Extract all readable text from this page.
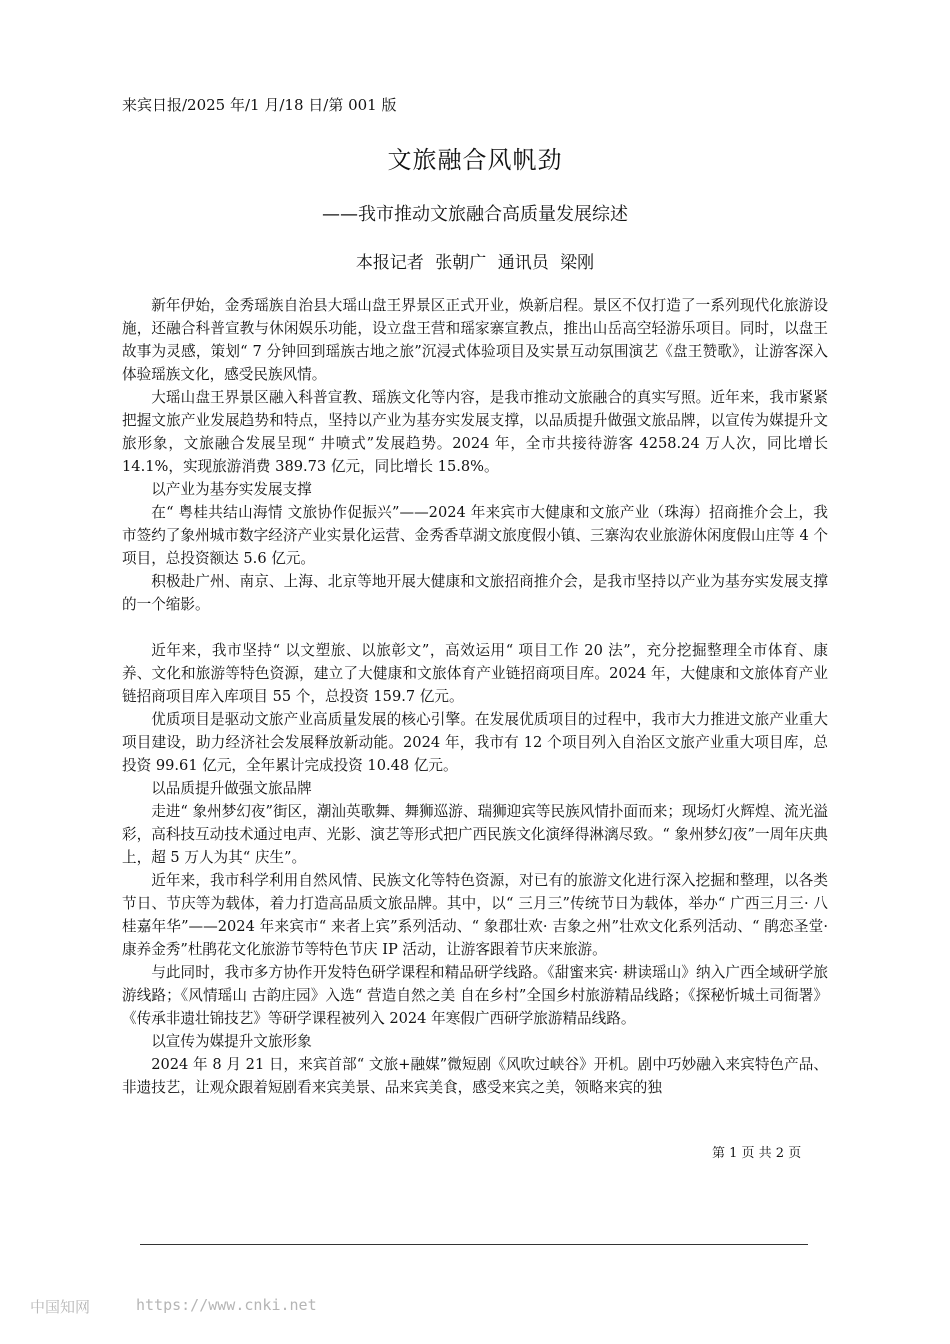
来宾日报/2025 年/1 月/18 日/第 001 版
文旅融合风帆劲
——我市推动文旅融合高质量发展综述
本报记者 张朝广 通讯员 梁刚

新年伊始，金秀瑶族自治县大瑶山盘王界景区正式开业，焕新启程。景区不仅打造了一系列现代化旅游设施，还融合科普宣教与休闲娱乐功能，设立盘王营和瑶家寨宣教点，推出山岳高空轻游乐项目。同时，以盘王故事为灵感，策划“ 7 分钟回到瑶族古地之旅”沉浸式体验项目及实景互动氛围演艺《盘王赞歌》，让游客深入体验瑶族文化，感受民族风情。

大瑶山盘王界景区融入科普宣教、瑶族文化等内容，是我市推动文旅融合的真实写照。近年来，我市紧紧把握文旅产业发展趋势和特点，坚持以产业为基夯实发展支撑，以品质提升做强文旅品牌，以宣传为媒提升文旅形象，文旅融合发展呈现“ 井喷式”发展趋势。2024 年，全市共接待游客 4258.24 万人次，同比增长 14.1%，实现旅游消费 389.73 亿元，同比增长 15.8%。

以产业为基夯实发展支撑

在“ 粤桂共结山海情 文旅协作促振兴”——2024 年来宾市大健康和文旅产业（珠海）招商推介会上，我市签约了象州城市数字经济产业实景化运营、金秀香草湖文旅度假小镇、三寨沟农业旅游休闲度假山庄等 4 个项目，总投资额达 5.6 亿元。

积极赴广州、南京、上海、北京等地开展大健康和文旅招商推介会，是我市坚持以产业为基夯实发展支撑的一个缩影。

近年来，我市坚持“ 以文塑旅、以旅彰文”，高效运用“ 项目工作 20 法”，充分挖掘整理全市体育、康养、文化和旅游等特色资源，建立了大健康和文旅体育产业链招商项目库。2024 年，大健康和文旅体育产业链招商项目库入库项目 55 个，总投资 159.7 亿元。

优质项目是驱动文旅产业高质量发展的核心引擎。在发展优质项目的过程中，我市大力推进文旅产业重大项目建设，助力经济社会发展释放新动能。2024 年，我市有 12 个项目列入自治区文旅产业重大项目库，总投资 99.61 亿元，全年累计完成投资 10.48 亿元。

以品质提升做强文旅品牌

走进“ 象州梦幻夜”街区，潮汕英歌舞、舞狮巡游、瑞狮迎宾等民族风情扑面而来；现场灯火辉煌、流光溢彩，高科技互动技术通过电声、光影、演艺等形式把广西民族文化演绎得淋漓尽致。“ 象州梦幻夜”一周年庆典上，超 5 万人为其“ 庆生”。

近年来，我市科学利用自然风情、民族文化等特色资源，对已有的旅游文化进行深入挖掘和整理，以各类节日、节庆等为载体，着力打造高品质文旅品牌。其中，以“ 三月三”传统节日为载体，举办“ 广西三月三· 八桂嘉年华”——2024 年来宾市“ 来者上宾”系列活动、“ 象郡壮欢· 吉象之州”壮欢文化系列活动、“ 鹃恋圣堂· 康养金秀”杜鹃花文化旅游节等特色节庆 IP 活动，让游客跟着节庆来旅游。

与此同时，我市多方协作开发特色研学课程和精品研学线路。《甜蜜来宾· 耕读瑶山》纳入广西全域研学旅游线路；《风情瑶山 古韵庄园》入选“ 营造自然之美 自在乡村”全国乡村旅游精品线路；《探秘忻城土司衙署》《传承非遗壮锦技艺》等研学课程被列入 2024 年寒假广西研学旅游精品线路。

以宣传为媒提升文旅形象

2024 年 8 月 21 日，来宾首部“ 文旅+融媒”微短剧《风吹过峡谷》开机。剧中巧妙融入来宾特色产品、非遗技艺，让观众跟着短剧看来宾美景、品来宾美食，感受来宾之美，领略来宾的独

第 1 页 共 2 页
中国知网	https://www.cnki.net
